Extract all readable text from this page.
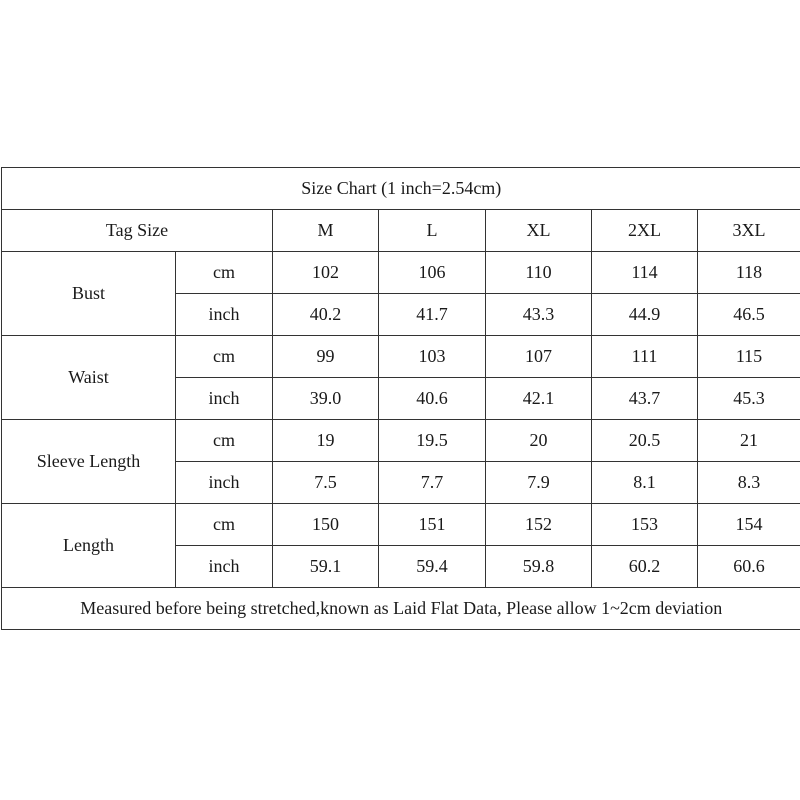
Size Chart (1 inch=2.54cm)						
Tag Size		M	L	XL	2XL	3XL
Bust	cm	102	106	110	114	118
	inch	40.2	41.7	43.3	44.9	46.5
Waist	cm	99	103	107	111	115
	inch	39.0	40.6	42.1	43.7	45.3
Sleeve Length	cm	19	19.5	20	20.5	21
	inch	7.5	7.7	7.9	8.1	8.3
Length	cm	150	151	152	153	154
	inch	59.1	59.4	59.8	60.2	60.6
Measured before being stretched,known as Laid Flat Data, Please allow 1~2cm deviation						
